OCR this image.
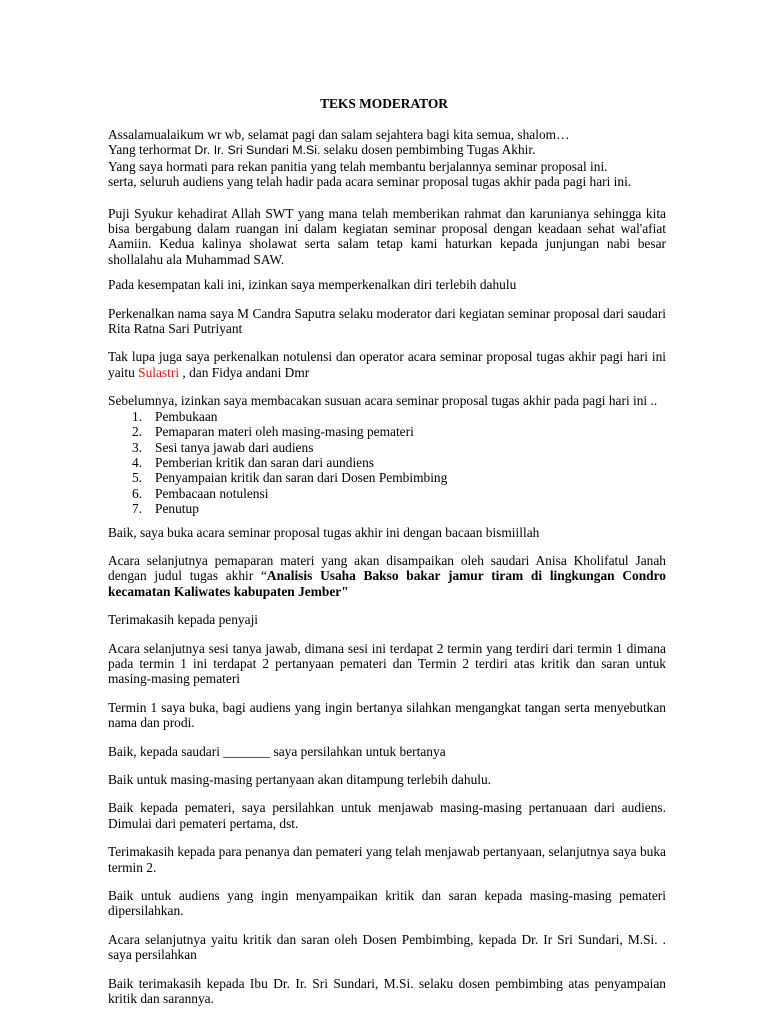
TEKS MODERATOR
Assalamualaikum wr wb, selamat pagi dan salam sejahtera bagi kita semua, shalom…
Yang terhormat Dr. Ir. Sri Sundari M.Si. selaku dosen pembimbing Tugas Akhir.
Yang saya hormati para rekan panitia yang telah membantu berjalannya seminar proposal ini.
serta, seluruh audiens yang telah hadir pada acara seminar proposal tugas akhir pada pagi hari ini.

Puji Syukur kehadirat Allah SWT yang mana telah memberikan rahmat dan karunianya sehingga kita bisa bergabung dalam ruangan ini dalam kegiatan seminar proposal dengan keadaan sehat wal'afiat Aamiin. Kedua kalinya sholawat serta salam tetap kami haturkan kepada junjungan nabi besar shollalahu ala Muhammad SAW.

Pada kesempatan kali ini, izinkan saya memperkenalkan diri terlebih dahulu

Perkenalkan nama saya M Candra Saputra selaku moderator dari kegiatan seminar proposal dari saudari Rita Ratna Sari Putriyant

Tak lupa juga saya perkenalkan notulensi dan operator acara seminar proposal tugas akhir pagi hari ini yaitu Sulastri , dan Fidya andani Dmr

Sebelumnya, izinkan saya membacakan susuan acara seminar proposal tugas akhir pada pagi hari ini ..

1. Pembukaan
2. Pemaparan materi oleh masing-masing pemateri
3. Sesi tanya jawab dari audiens
4. Pemberian kritik dan saran dari aundiens
5. Penyampaian kritik dan saran dari Dosen Pembimbing
6. Pembacaan notulensi
7. Penutup

Baik, saya buka acara seminar proposal tugas akhir ini dengan bacaan bismiillah

Acara selanjutnya pemaparan materi yang akan disampaikan oleh saudari Anisa Kholifatul Janah dengan judul tugas akhir “Analisis Usaha Bakso bakar jamur tiram di lingkungan Condro kecamatan Kaliwates kabupaten Jember"

Terimakasih kepada penyaji

Acara selanjutnya sesi tanya jawab, dimana sesi ini terdapat 2 termin yang terdiri dari termin 1 dimana pada termin 1 ini terdapat 2 pertanyaan pemateri dan Termin 2 terdiri atas kritik dan saran untuk masing-masing pemateri

Termin 1 saya buka, bagi audiens yang ingin bertanya silahkan mengangkat tangan serta menyebutkan nama dan prodi.

Baik, kepada saudari _______ saya persilahkan untuk bertanya

Baik untuk masing-masing pertanyaan akan ditampung terlebih dahulu.

Baik kepada pemateri, saya persilahkan untuk menjawab masing-masing pertanuaan dari audiens. Dimulai dari pemateri pertama, dst.

Terimakasih kepada para penanya dan pemateri yang telah menjawab pertanyaan, selanjutnya saya buka termin 2.

Baik untuk audiens yang ingin menyampaikan kritik dan saran kepada masing-masing pemateri dipersilahkan.

Acara selanjutnya yaitu kritik dan saran oleh Dosen Pembimbing, kepada Dr. Ir Sri Sundari, M.Si. . saya persilahkan

Baik terimakasih kepada Ibu Dr. Ir. Sri Sundari, M.Si. selaku dosen pembimbing atas penyampaian kritik dan sarannya.
